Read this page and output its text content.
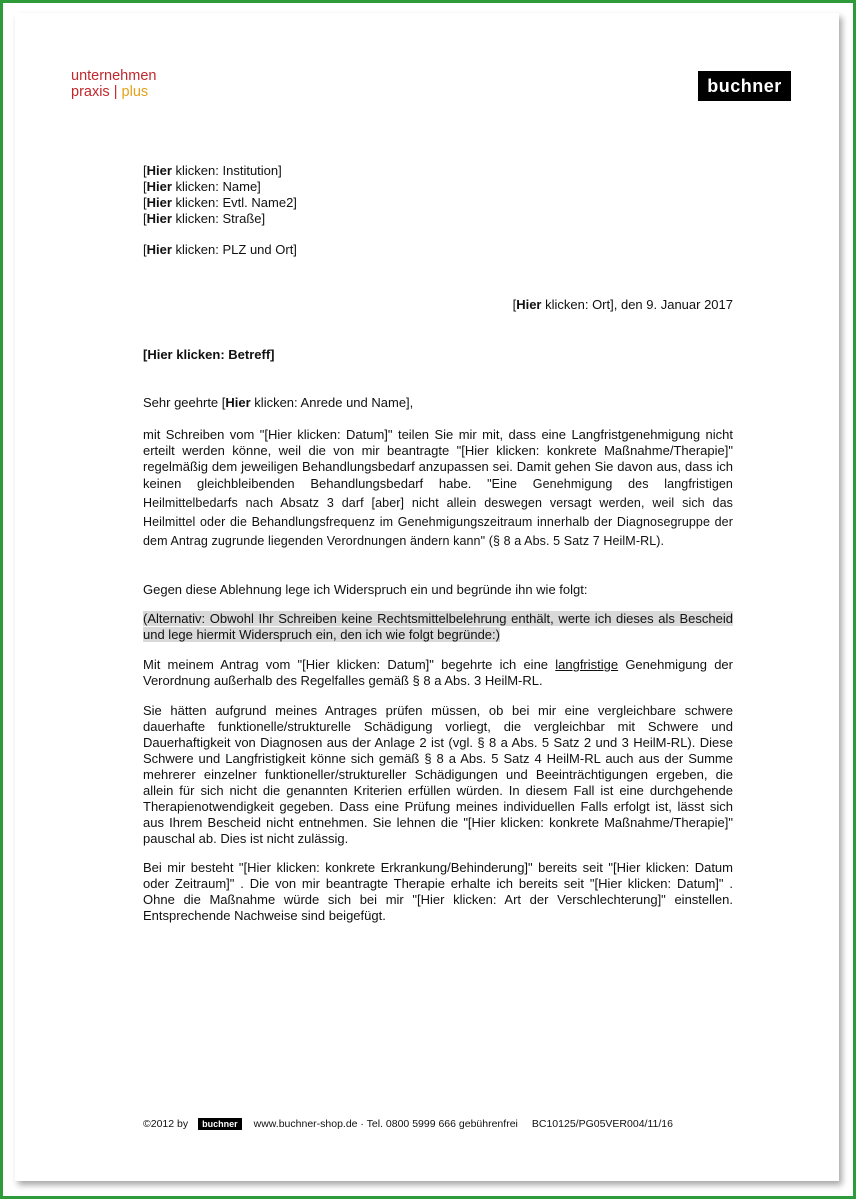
unternehmen
praxis | plus	buchner
[Hier klicken: Institution]
[Hier klicken: Name]
[Hier klicken: Evtl. Name2]
[Hier klicken: Straße]
[Hier klicken: PLZ und Ort]
[Hier klicken: Ort], den 9. Januar 2017
[Hier klicken: Betreff]
Sehr geehrte [Hier klicken: Anrede und Name],
mit Schreiben vom "[Hier klicken: Datum]" teilen Sie mir mit, dass eine Langfristgenehmigung nicht erteilt werden könne, weil die von mir beantragte "[Hier klicken: konkrete Maßnahme/Therapie]" regelmäßig dem jeweiligen Behandlungsbedarf anzupassen sei. Damit gehen Sie davon aus, dass ich keinen gleichbleibenden Behandlungsbedarf habe. "Eine Genehmigung des langfristigen Heilmittelbedarfs nach Absatz 3 darf [aber] nicht allein deswegen versagt werden, weil sich das Heilmittel oder die Behandlungsfrequenz im Genehmigungszeitraum innerhalb der Diagnosegruppe der dem Antrag zugrunde liegenden Verordnungen ändern kann" (§ 8 a Abs. 5 Satz 7 HeilM-RL).
Gegen diese Ablehnung lege ich Widerspruch ein und begründe ihn wie folgt:
(Alternativ: Obwohl Ihr Schreiben keine Rechtsmittelbelehrung enthält, werte ich dieses als Bescheid und lege hiermit Widerspruch ein, den ich wie folgt begründe:)
Mit meinem Antrag vom "[Hier klicken: Datum]" begehrte ich eine langfristige Genehmigung der Verordnung außerhalb des Regelfalles gemäß § 8 a Abs. 3 HeilM-RL.
Sie hätten aufgrund meines Antrages prüfen müssen, ob bei mir eine vergleichbare schwere dauerhafte funktionelle/strukturelle Schädigung vorliegt, die vergleichbar mit Schwere und Dauerhaftigkeit von Diagnosen aus der Anlage 2 ist (vgl. § 8 a Abs. 5 Satz 2 und 3 HeilM-RL). Diese Schwere und Langfristigkeit könne sich gemäß § 8 a Abs. 5 Satz 4 HeilM-RL auch aus der Summe mehrerer einzelner funktioneller/struktureller Schädigungen und Beeinträchtigungen ergeben, die allein für sich nicht die genannten Kriterien erfüllen würden. In diesem Fall ist eine durchgehende Therapienotwendigkeit gegeben. Dass eine Prüfung meines individuellen Falls erfolgt ist, lässt sich aus Ihrem Bescheid nicht entnehmen. Sie lehnen die "[Hier klicken: konkrete Maßnahme/Therapie]" pauschal ab. Dies ist nicht zulässig.
Bei mir besteht "[Hier klicken: konkrete Erkrankung/Behinderung]" bereits seit "[Hier klicken: Datum oder Zeitraum]" . Die von mir beantragte Therapie erhalte ich bereits seit "[Hier klicken: Datum]" . Ohne die Maßnahme würde sich bei mir "[Hier klicken: Art der Verschlechterung]" einstellen. Entsprechende Nachweise sind beigefügt.
©2012 by	buchner	www.buchner-shop.de · Tel. 0800 5999 666 gebührenfrei BC10125/PG05VER004/11/16
